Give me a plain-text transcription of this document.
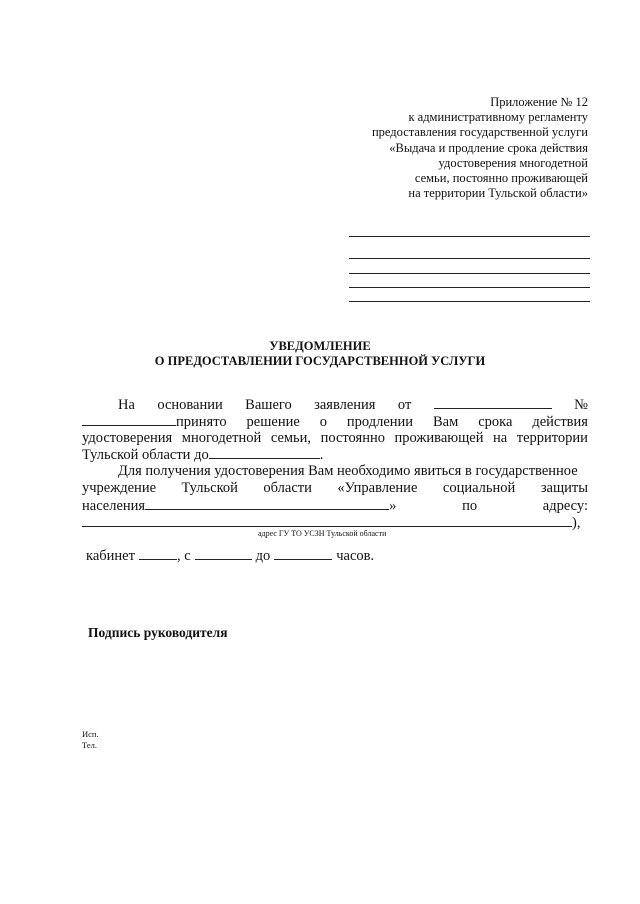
Приложение № 12
к административному регламенту
предоставления государственной услуги
«Выдача и продление срока действия
удостоверения многодетной
семьи, постоянно проживающей
на территории Тульской области»
УВЕДОМЛЕНИЕ
О ПРЕДОСТАВЛЕНИИ ГОСУДАРСТВЕННОЙ УСЛУГИ
На основании Вашего заявления от	№
принято решение о продлении Вам срока действия
удостоверения многодетной семьи, постоянно проживающей на территории
Тульской области до	.
Для получения удостоверения Вам необходимо явиться в государственное
учреждение Тульской области «Управление социальной защиты
населения	»	по	адресу:
),
адрес ГУ ТО УСЗН Тульской области
кабинет	, с	до	часов.
Подпись руководителя
Исп.
Тел.
